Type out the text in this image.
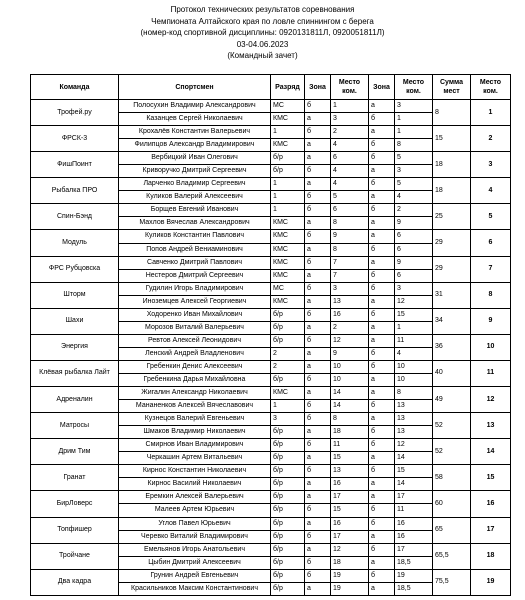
Протокол технических результатов соревнования
Чемпионата Алтайского края по ловле спиннингом с берега
(номер-код спортивной дисциплины: 0920131811Л, 0920051811Л)
03-04.06.2023
(Командный зачет)
Команда	Спортсмен	Разряд	Зона	Место ком.	Зона	Место ком.	Сумма мест	Место ком.
Трофей.ру	Полосухин Владимир Александрович	МС	б	1	а	3	8	1
	Казанцев Сергей Николаевич	КМС	а	3	б	1		
ФРСК-3	Крохалёв Константин Валерьевич	1	б	2	а	1	15	2
	Филипцов Александр Владимирович	КМС	а	4	б	8		
ФишПоинт	Вербицкий Иван Олегович	б/р	а	6	б	5	18	3
	Криворучко Дмитрий Сергеевич	б/р	б	4	а	3		
Рыбалка ПРО	Ларченко Владимир Сергеевич	1	а	4	б	5	18	4
	Куликов Валерий Алексеевич	1	б	5	а	4		
Спин-Бэнд	Борщев Евгений Иванович	1	б	6	б	2	25	5
	Махлов Вячеслав Александрович	КМС	а	8	а	9		
Модуль	Куликов Константин Павлович	КМС	б	9	а	6	29	6
	Попов Андрей Вениаминович	КМС	а	8	б	6		
ФРС Рубцовска	Савченко Дмитрий Павлович	КМС	б	7	а	9	29	7
	Нестеров Дмитрий Сергеевич	КМС	а	7	б	6		
Шторм	Гудилин Игорь Владимирович	МС	б	3	б	3	31	8
	Иноземцев Алексей Георгиевич	КМС	а	13	а	12		
Шахи	Ходоренко Иван Михайлович	б/р	б	16	б	15	34	9
	Морозов Виталий Валерьевич	б/р	а	2	а	1		
Энергия	Ревтов Алексей Леонидович	б/р	б	12	а	11	36	10
	Ленский Андрей Владленович	2	а	9	б	4		
Клёвая рыбалка Лайт	Гребенкин Денис Алексеевич	2	а	10	б	10	40	11
	Гребенкина Дарья Михайловна	б/р	б	10	а	10		
Адреналин	Жигалин Александр Николаевич	КМС	а	14	а	8	49	12
	Мананенков Алексей Вячеславович	1	б	14	б	13		
Матросы	Кузнецов Валерий Евгеньевич	3	б	8	а	13	52	13
	Шмаков Владимир Николаевич	б/р	а	18	б	13		
Дрим Тим	Смирнов Иван Владимирович	б/р	б	11	б	12	52	14
	Черкашин Артем Витальевич	б/р	а	15	а	14		
Гранат	Кирнос Константин Николаевич	б/р	б	13	б	15	58	15
	Кирнос Василий Николаевич	б/р	а	16	а	14		
БирЛоверс	Еремкин Алексей Валерьевич	б/р	а	17	а	17	60	16
	Малеев Артем Юрьевич	б/р	б	15	б	11		
Топфишер	Углов Павел Юрьевич	б/р	а	16	б	16	65	17
	Черевко Виталий Владимирович	б/р	б	17	а	16		
Тройчане	Емельянов Игорь Анатольевич	б/р	а	12	б	17	65,5	18
	Цыбин Дмитрий Алексеевич	б/р	б	18	а	18,5		
Два кадра	Грунин Андрей Евгеньевич	б/р	б	19	б	19	75,5	19
	Красильников Максим Константинович	б/р	а	19	а	18,5		
